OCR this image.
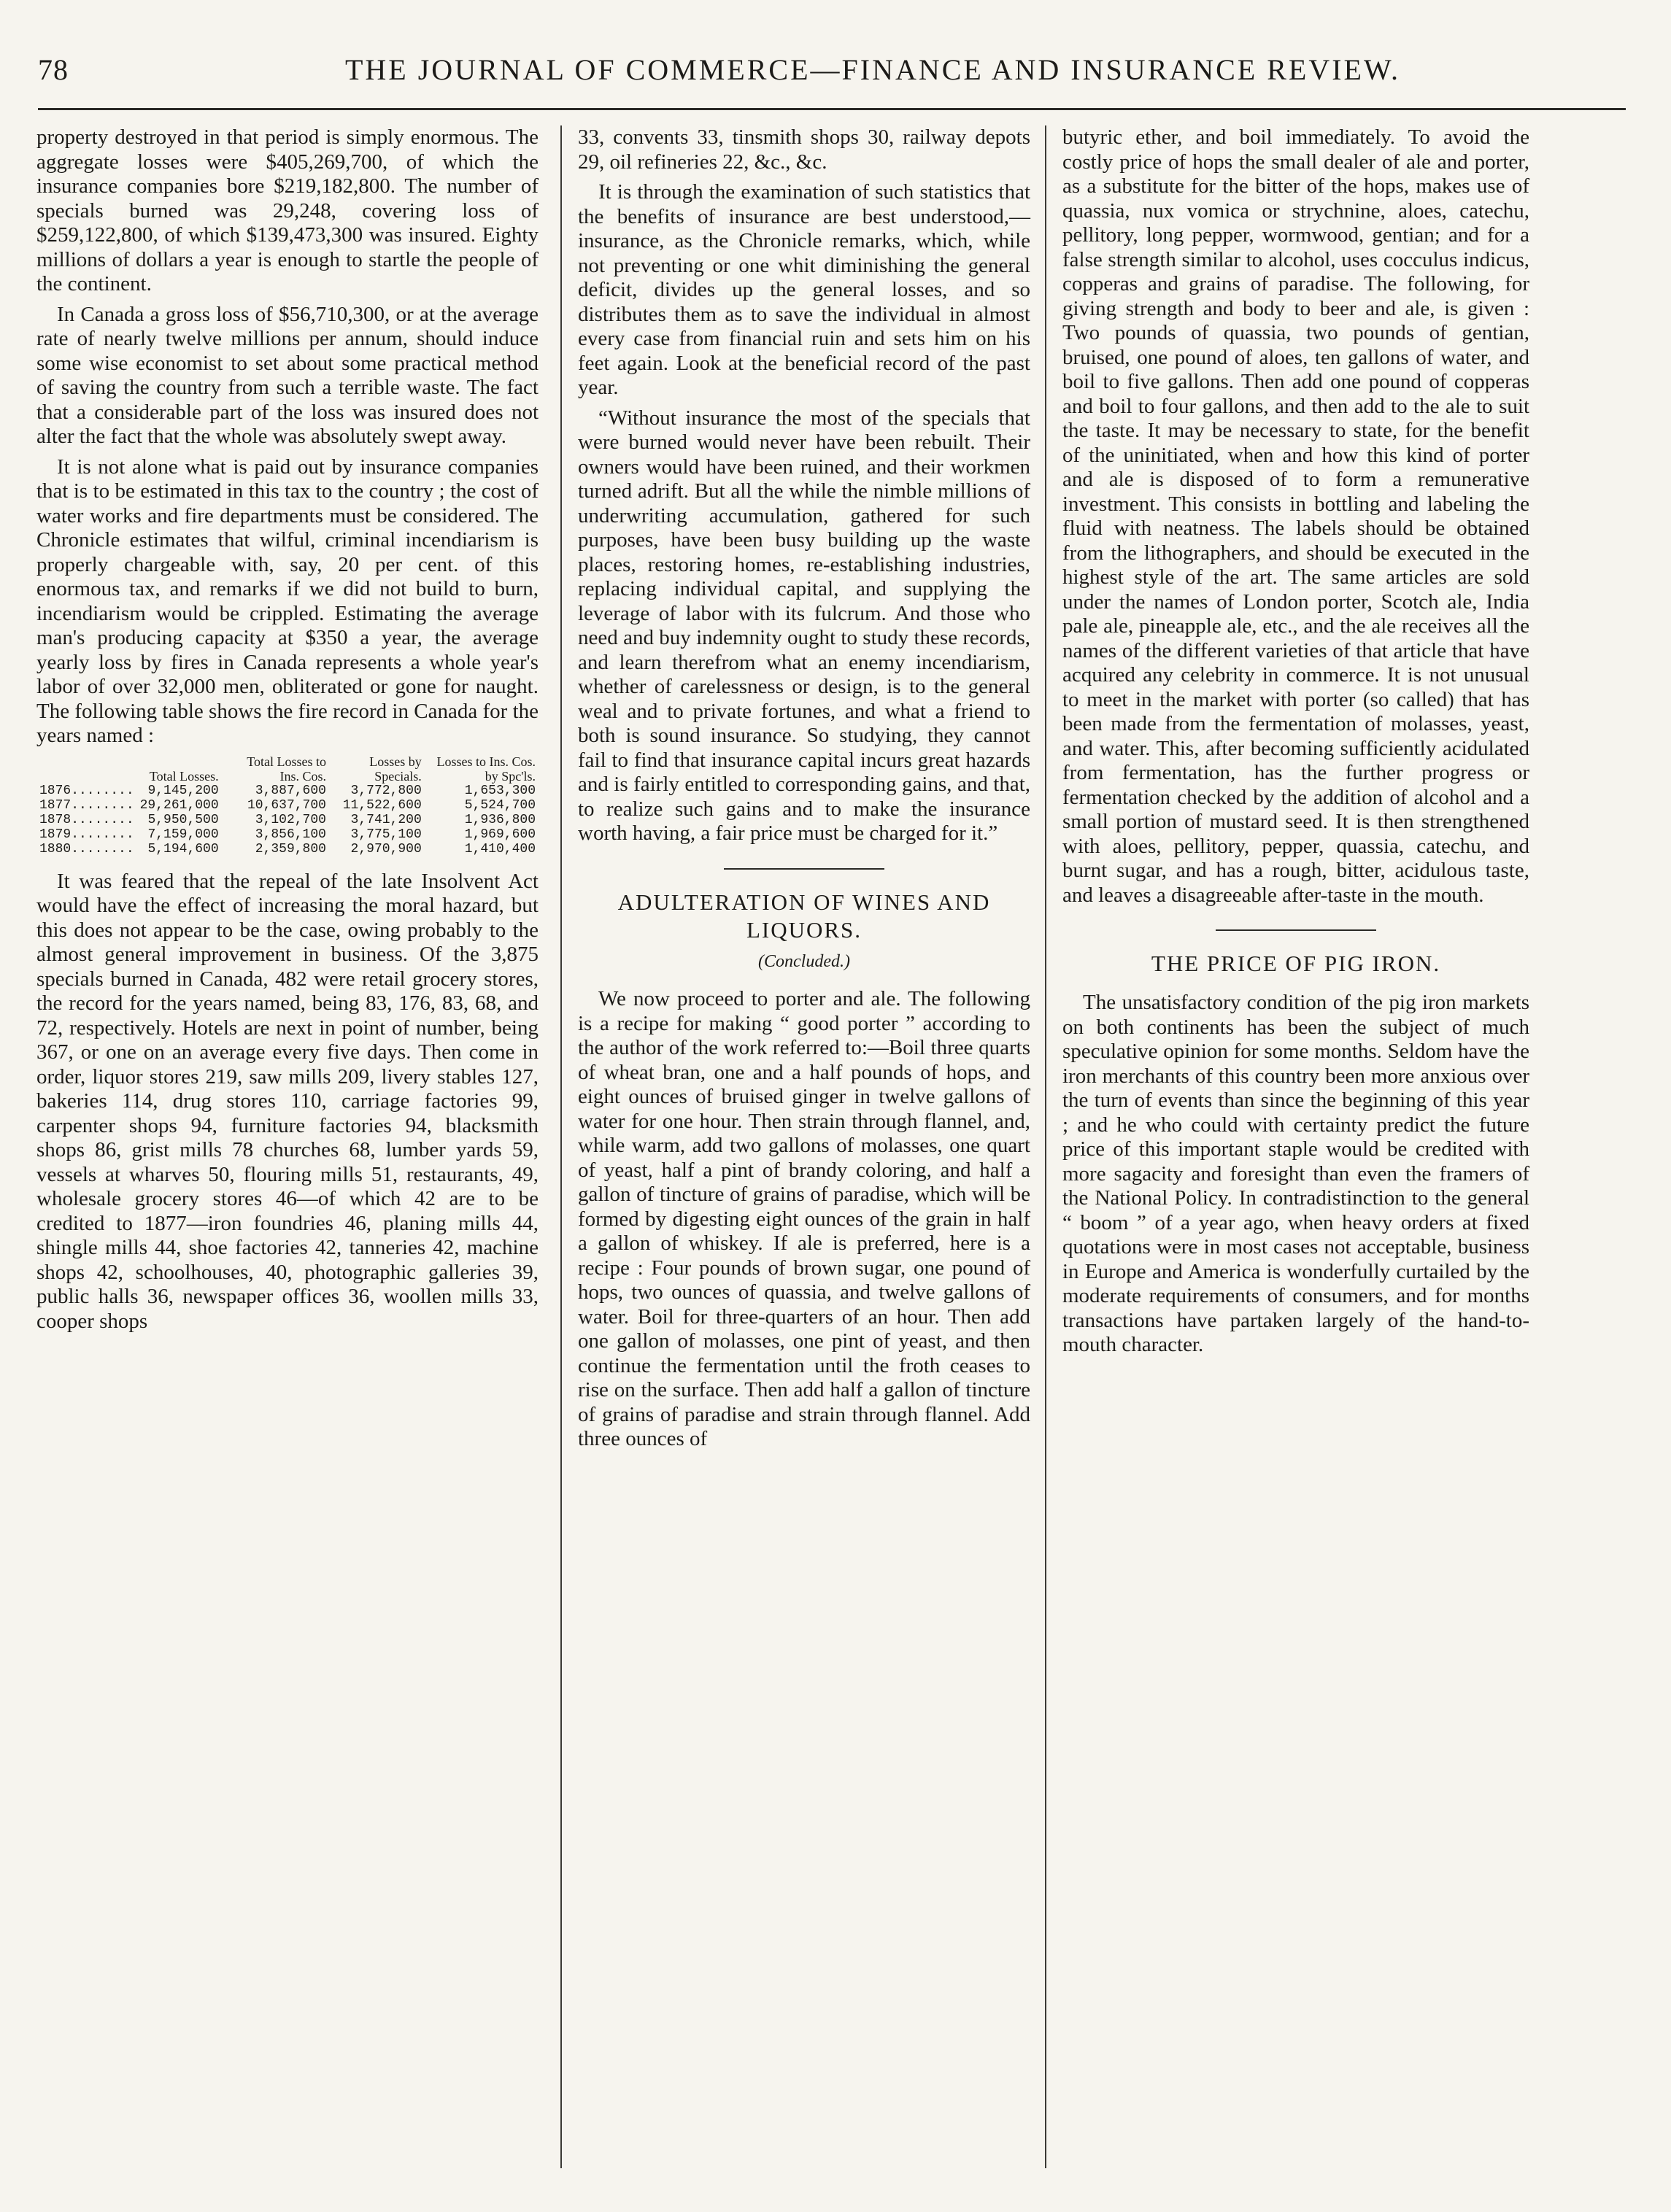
78	THE JOURNAL OF COMMERCE—FINANCE AND INSURANCE REVIEW.

property destroyed in that period is simply enormous. The aggregate losses were $405,269,700, of which the insurance companies bore $219,182,800. The number of specials burned was 29,248, covering loss of $259,122,800, of which $139,473,300 was insured. Eighty millions of dollars a year is enough to startle the people of the continent.

In Canada a gross loss of $56,710,300, or at the average rate of nearly twelve millions per annum, should induce some wise economist to set about some practical method of saving the country from such a terrible waste. The fact that a considerable part of the loss was insured does not alter the fact that the whole was absolutely swept away.

It is not alone what is paid out by insurance companies that is to be estimated in this tax to the country ; the cost of water works and fire departments must be considered. The Chronicle estimates that wilful, criminal incendiarism is properly chargeable with, say, 20 per cent. of this enormous tax, and remarks if we did not build to burn, incendiarism would be crippled. Estimating the average man's producing capacity at $350 a year, the average yearly loss by fires in Canada represents a whole year's labor of over 32,000 men, obliterated or gone for naught. The following table shows the fire record in Canada for the years named :

	Total Losses.	Total Losses to Ins. Cos.	Losses by Specials.	Losses to Ins. Cos. by Spc'ls.
1876........	9,145,200	3,887,600	3,772,800	1,653,300
1877........	29,261,000	10,637,700	11,522,600	5,524,700
1878........	5,950,500	3,102,700	3,741,200	1,936,800
1879........	7,159,000	3,856,100	3,775,100	1,969,600
1880........	5,194,600	2,359,800	2,970,900	1,410,400

It was feared that the repeal of the late Insolvent Act would have the effect of increasing the moral hazard, but this does not appear to be the case, owing probably to the almost general improvement in business. Of the 3,875 specials burned in Canada, 482 were retail grocery stores, the record for the years named, being 83, 176, 83, 68, and 72, respectively. Hotels are next in point of number, being 367, or one on an average every five days. Then come in order, liquor stores 219, saw mills 209, livery stables 127, bakeries 114, drug stores 110, carriage factories 99, carpenter shops 94, furniture factories 94, blacksmith shops 86, grist mills 78 churches 68, lumber yards 59, vessels at wharves 50, flouring mills 51, restaurants, 49, wholesale grocery stores 46—of which 42 are to be credited to 1877—iron foundries 46, planing mills 44, shingle mills 44, shoe factories 42, tanneries 42, machine shops 42, schoolhouses, 40, photographic galleries 39, public halls 36, newspaper offices 36, woollen mills 33, cooper shops

33, convents 33, tinsmith shops 30, railway depots 29, oil refineries 22, &c., &c.

It is through the examination of such statistics that the benefits of insurance are best understood,—insurance, as the Chronicle remarks, which, while not preventing or one whit diminishing the general deficit, divides up the general losses, and so distributes them as to save the individual in almost every case from financial ruin and sets him on his feet again. Look at the beneficial record of the past year.

“Without insurance the most of the specials that were burned would never have been rebuilt. Their owners would have been ruined, and their workmen turned adrift. But all the while the nimble millions of underwriting accumulation, gathered for such purposes, have been busy building up the waste places, restoring homes, re-establishing industries, replacing individual capital, and supplying the leverage of labor with its fulcrum. And those who need and buy indemnity ought to study these records, and learn therefrom what an enemy incendiarism, whether of carelessness or design, is to the general weal and to private fortunes, and what a friend to both is sound insurance. So studying, they cannot fail to find that insurance capital incurs great hazards and is fairly entitled to corresponding gains, and that, to realize such gains and to make the insurance worth having, a fair price must be charged for it.”

ADULTERATION OF WINES AND LIQUORS.
(Concluded.)

We now proceed to porter and ale. The following is a recipe for making “ good porter ” according to the author of the work referred to:—Boil three quarts of wheat bran, one and a half pounds of hops, and eight ounces of bruised ginger in twelve gallons of water for one hour. Then strain through flannel, and, while warm, add two gallons of molasses, one quart of yeast, half a pint of brandy coloring, and half a gallon of tincture of grains of paradise, which will be formed by digesting eight ounces of the grain in half a gallon of whiskey. If ale is preferred, here is a recipe : Four pounds of brown sugar, one pound of hops, two ounces of quassia, and twelve gallons of water. Boil for three-quarters of an hour. Then add one gallon of molasses, one pint of yeast, and then continue the fermentation until the froth ceases to rise on the surface. Then add half a gallon of tincture of grains of paradise and strain through flannel. Add three ounces of

butyric ether, and boil immediately. To avoid the costly price of hops the small dealer of ale and porter, as a substitute for the bitter of the hops, makes use of quassia, nux vomica or strychnine, aloes, catechu, pellitory, long pepper, wormwood, gentian; and for a false strength similar to alcohol, uses cocculus indicus, copperas and grains of paradise. The following, for giving strength and body to beer and ale, is given : Two pounds of quassia, two pounds of gentian, bruised, one pound of aloes, ten gallons of water, and boil to five gallons. Then add one pound of copperas and boil to four gallons, and then add to the ale to suit the taste. It may be necessary to state, for the benefit of the uninitiated, when and how this kind of porter and ale is disposed of to form a remunerative investment. This consists in bottling and labeling the fluid with neatness. The labels should be obtained from the lithographers, and should be executed in the highest style of the art. The same articles are sold under the names of London porter, Scotch ale, India pale ale, pineapple ale, etc., and the ale receives all the names of the different varieties of that article that have acquired any celebrity in commerce. It is not unusual to meet in the market with porter (so called) that has been made from the fermentation of molasses, yeast, and water. This, after becoming sufficiently acidulated from fermentation, has the further progress or fermentation checked by the addition of alcohol and a small portion of mustard seed. It is then strengthened with aloes, pellitory, pepper, quassia, catechu, and burnt sugar, and has a rough, bitter, acidulous taste, and leaves a disagreeable after-taste in the mouth.

THE PRICE OF PIG IRON.

The unsatisfactory condition of the pig iron markets on both continents has been the subject of much speculative opinion for some months. Seldom have the iron merchants of this country been more anxious over the turn of events than since the beginning of this year ; and he who could with certainty predict the future price of this important staple would be credited with more sagacity and foresight than even the framers of the National Policy. In contradistinction to the general “ boom ” of a year ago, when heavy orders at fixed quotations were in most cases not acceptable, business in Europe and America is wonderfully curtailed by the moderate requirements of consumers, and for months transactions have partaken largely of the hand-to-mouth character.
